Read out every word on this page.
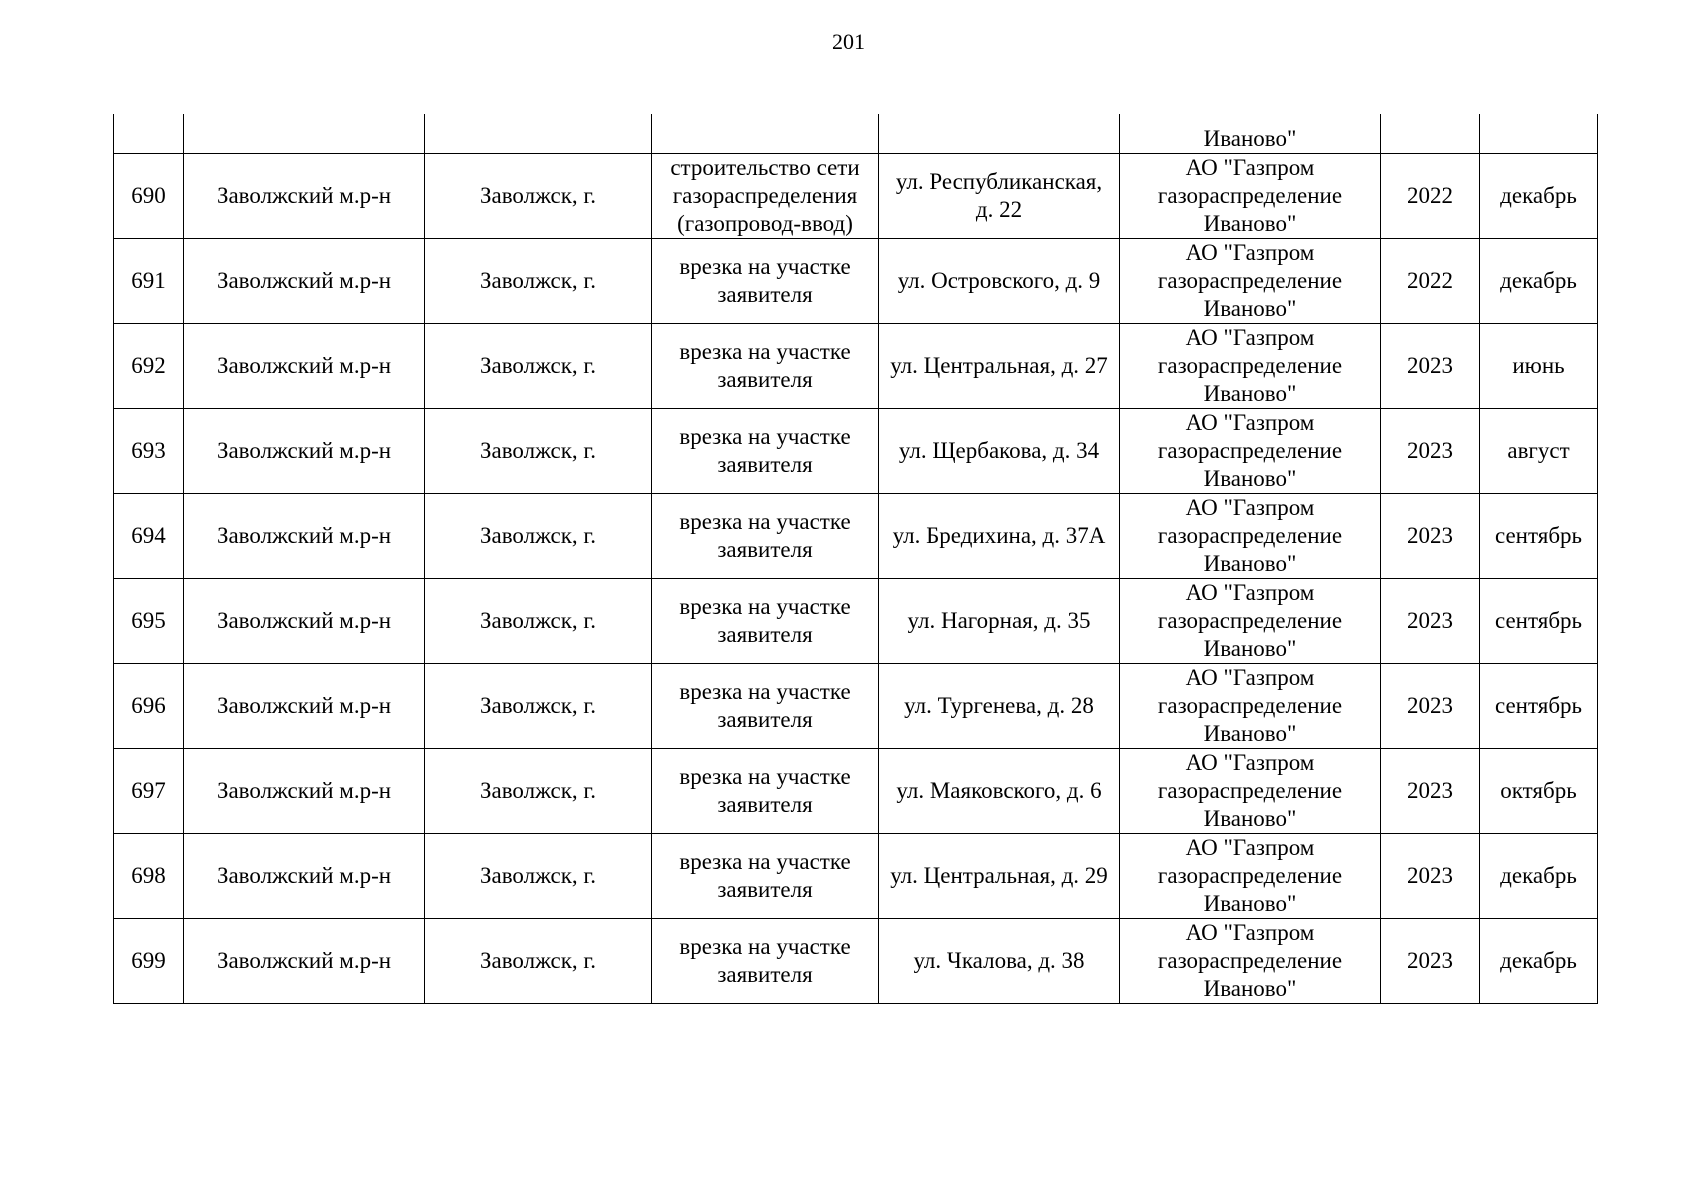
201
					Иваново"		
690	Заволжский м.р-н	Заволжск, г.	строительство сети газораспределения (газопровод-ввод)	ул. Республиканская, д. 22	АО "Газпром газораспределение Иваново"	2022	декабрь
691	Заволжский м.р-н	Заволжск, г.	врезка на участке заявителя	ул. Островского, д. 9	АО "Газпром газораспределение Иваново"	2022	декабрь
692	Заволжский м.р-н	Заволжск, г.	врезка на участке заявителя	ул. Центральная, д. 27	АО "Газпром газораспределение Иваново"	2023	июнь
693	Заволжский м.р-н	Заволжск, г.	врезка на участке заявителя	ул. Щербакова, д. 34	АО "Газпром газораспределение Иваново"	2023	август
694	Заволжский м.р-н	Заволжск, г.	врезка на участке заявителя	ул. Бредихина, д. 37А	АО "Газпром газораспределение Иваново"	2023	сентябрь
695	Заволжский м.р-н	Заволжск, г.	врезка на участке заявителя	ул. Нагорная, д. 35	АО "Газпром газораспределение Иваново"	2023	сентябрь
696	Заволжский м.р-н	Заволжск, г.	врезка на участке заявителя	ул. Тургенева, д. 28	АО "Газпром газораспределение Иваново"	2023	сентябрь
697	Заволжский м.р-н	Заволжск, г.	врезка на участке заявителя	ул. Маяковского, д. 6	АО "Газпром газораспределение Иваново"	2023	октябрь
698	Заволжский м.р-н	Заволжск, г.	врезка на участке заявителя	ул. Центральная, д. 29	АО "Газпром газораспределение Иваново"	2023	декабрь
699	Заволжский м.р-н	Заволжск, г.	врезка на участке заявителя	ул. Чкалова, д. 38	АО "Газпром газораспределение Иваново"	2023	декабрь
